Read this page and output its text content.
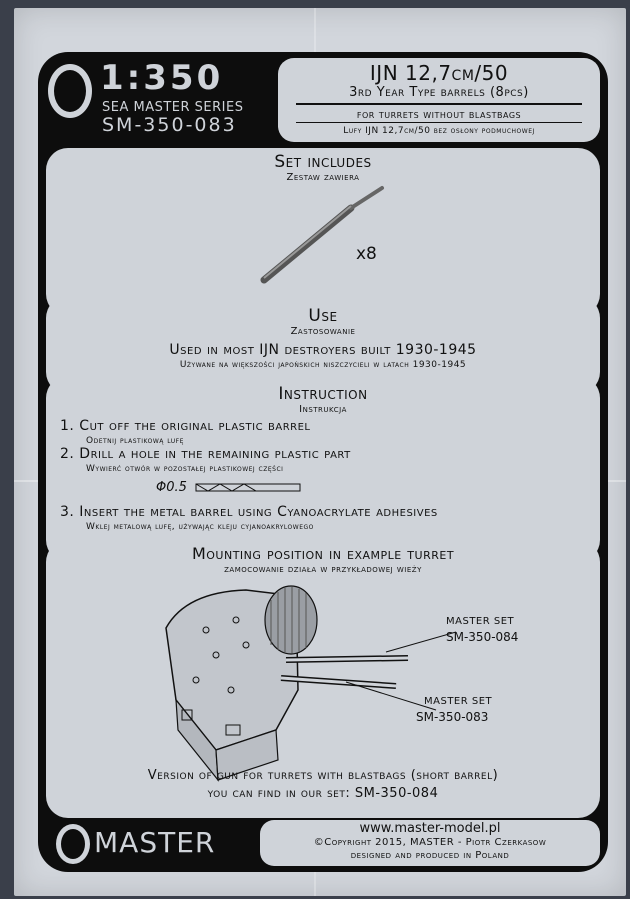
1:350
SEA MASTER SERIES
SM-350-083
IJN 12,7cm/50
3rd Year Type barrels (8pcs)
for turrets without blastbags
Lufy IJN 12,7cm/50 bez osłony podmuchowej
Set includes
Zestaw zawiera
x8
Use
Zastosowanie
Used in most IJN destroyers built 1930-1945
Używane na większości japońskich niszczycieli w latach 1930-1945
Instruction
Instrukcja
1. Cut off the original plastic barrel
Odetnij plastikową lufę
2. Drill a hole in the remaining plastic part
Wywierć otwór w pozostałej plastikowej części
Φ0.5
3. Insert the metal barrel using Cyanoacrylate adhesives
Wklej metalową lufę, używając kleju cyjanoakrylowego
Mounting position in example turret
zamocowanie działa w przykładowej wieży
MASTER SET
SM-350-084
MASTER SET
SM-350-083
Version of gun for turrets with blastbags (short barrel)
you can find in our set: SM-350-084
MASTER	www.master-model.pl
©Copyright 2015, MASTER - Piotr Czerkasow
designed and produced in Poland
